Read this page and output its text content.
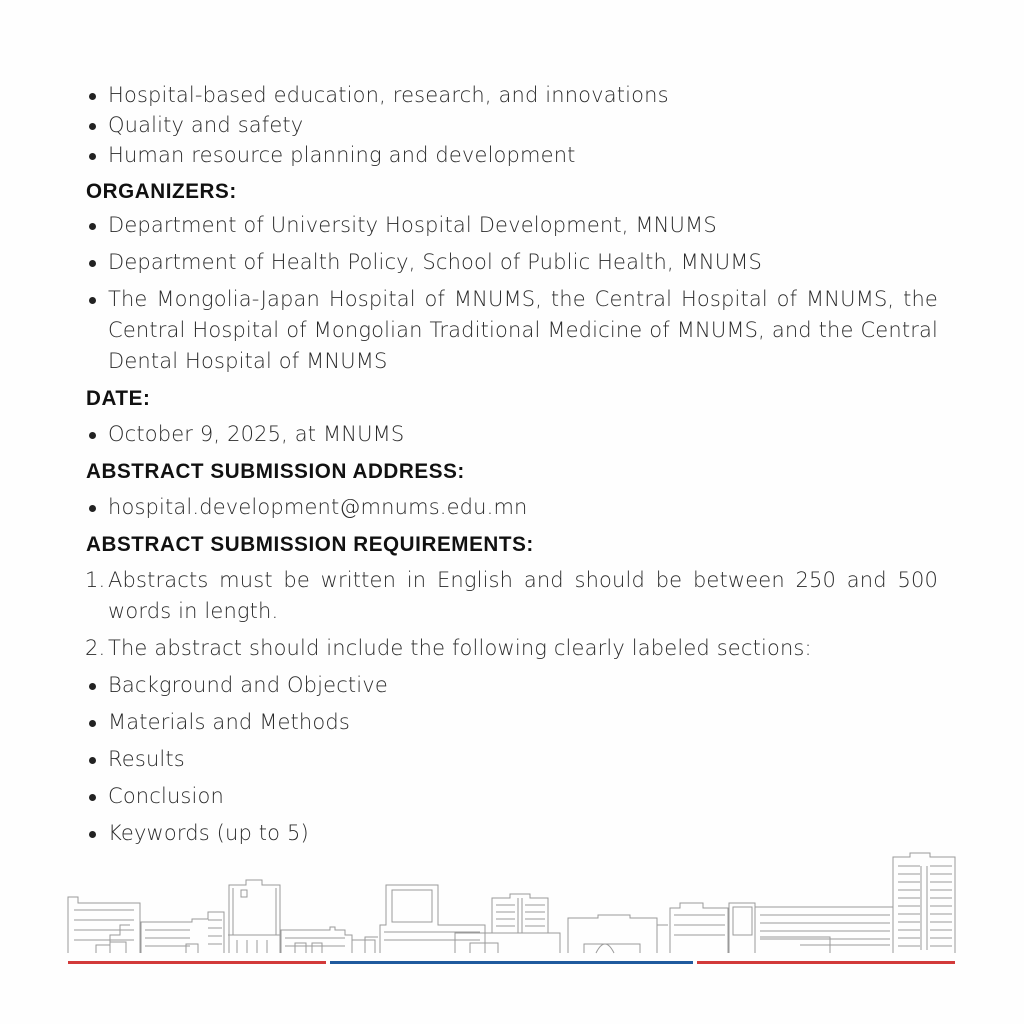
Hospital-based education, research, and innovations
Quality and safety
Human resource planning and development
ORGANIZERS:
Department of University Hospital Development, MNUMS
Department of Health Policy, School of Public Health, MNUMS
The Mongolia-Japan Hospital of MNUMS, the Central Hospital of MNUMS, the Central Hospital of Mongolian Traditional Medicine of MNUMS, and the Central Dental Hospital of MNUMS
DATE:
October 9, 2025, at MNUMS
ABSTRACT SUBMISSION ADDRESS:
hospital.development@mnums.edu.mn
ABSTRACT SUBMISSION REQUIREMENTS:
1. Abstracts must be written in English and should be between 250 and 500 words in length.
2. The abstract should include the following clearly labeled sections:
Background and Objective
Materials and Methods
Results
Conclusion
Keywords (up to 5)
